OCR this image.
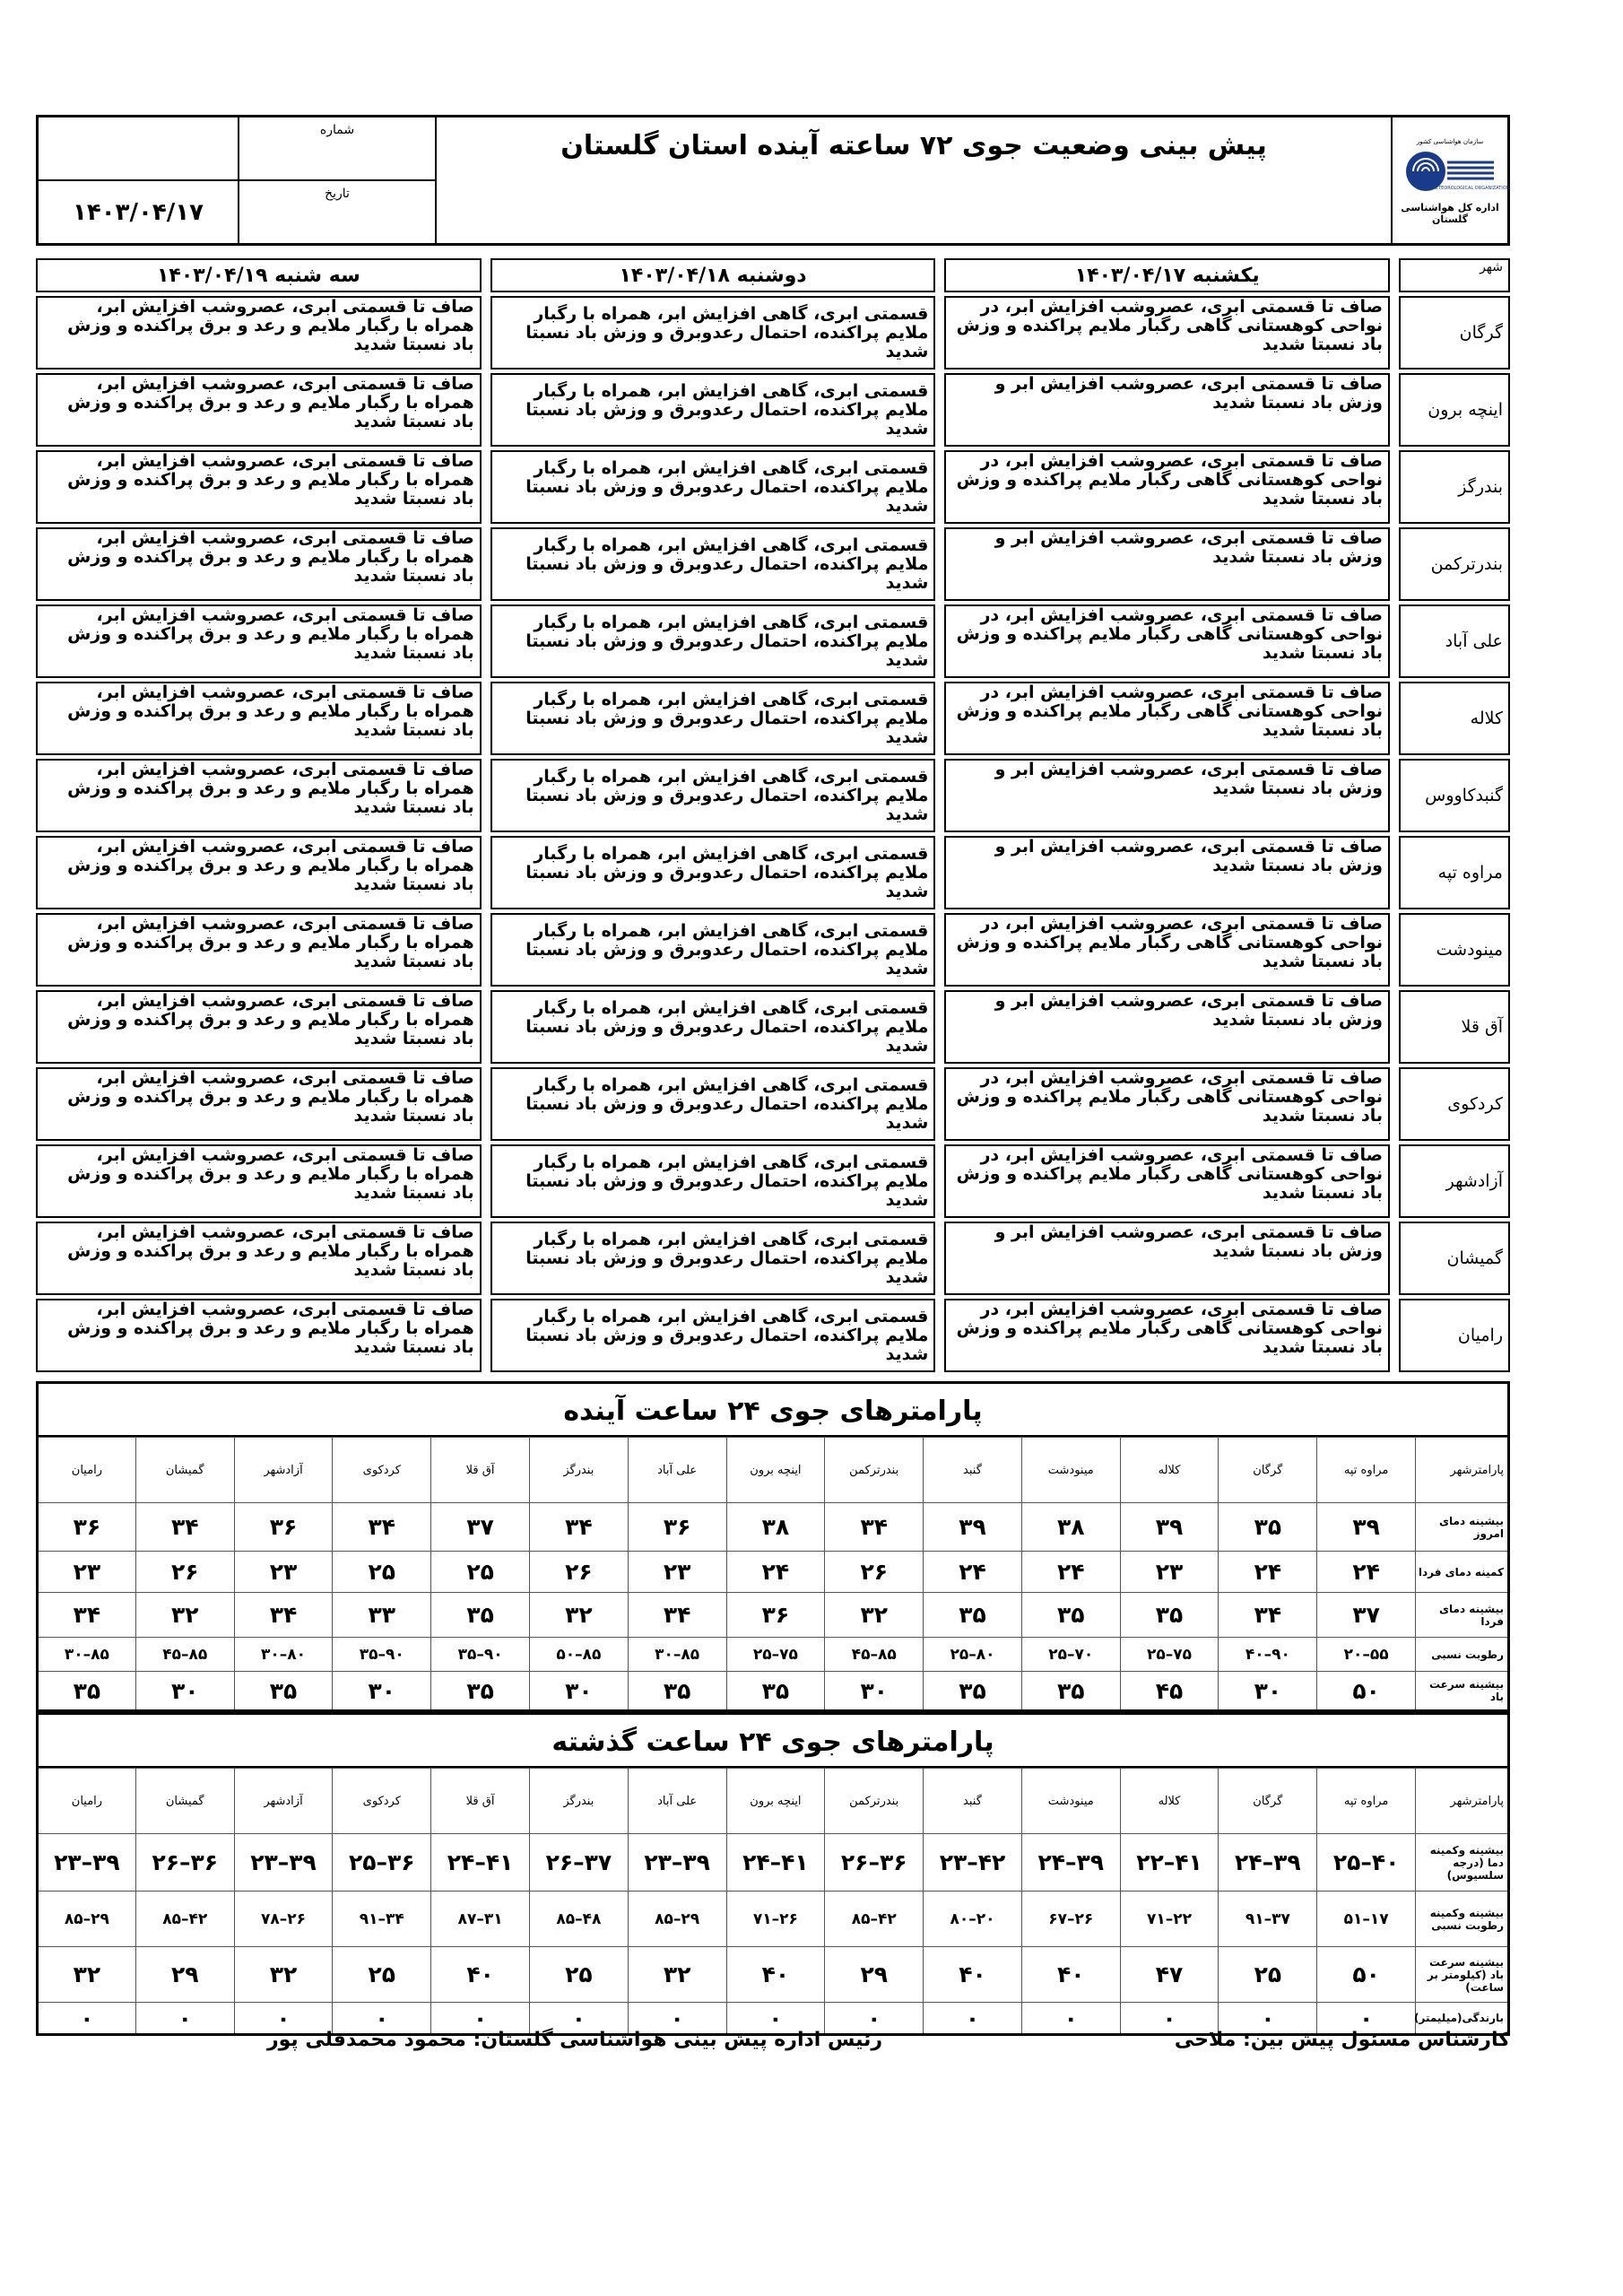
سازمان هواشناسی کشور
METEOROLOGICAL ORGANIZATION
اداره کل هواشناسی گلستان
پیش بینی وضعیت جوی ۷۲ ساعته آینده استان گلستان
شماره
تاریخ
۱۴۰۳/۰۴/۱۷
شهر	یکشنبه ۱۴۰۳/۰۴/۱۷	دوشنبه ۱۴۰۳/۰۴/۱۸	سه شنبه ۱۴۰۳/۰۴/۱۹
گرگان	صاف تا قسمتی ابری، عصروشب افزایش ابر، در نواحی کوهستانی گاهی رگبار ملایم پراکنده و وزش باد نسبتا شدید	قسمتی ابری، گاهی افزایش ابر، همراه با رگبار ملایم پراکنده، احتمال رعدوبرق و وزش باد نسبتا شدید	صاف تا قسمتی ابری، عصروشب افزایش ابر، همراه با رگبار ملایم و رعد و برق پراکنده و وزش باد نسبتا شدید
اینچه برون	صاف تا قسمتی ابری، عصروشب افزایش ابر و وزش باد نسبتا شدید	قسمتی ابری، گاهی افزایش ابر، همراه با رگبار ملایم پراکنده، احتمال رعدوبرق و وزش باد نسبتا شدید	صاف تا قسمتی ابری، عصروشب افزایش ابر، همراه با رگبار ملایم و رعد و برق پراکنده و وزش باد نسبتا شدید
بندرگز	صاف تا قسمتی ابری، عصروشب افزایش ابر، در نواحی کوهستانی گاهی رگبار ملایم پراکنده و وزش باد نسبتا شدید	قسمتی ابری، گاهی افزایش ابر، همراه با رگبار ملایم پراکنده، احتمال رعدوبرق و وزش باد نسبتا شدید	صاف تا قسمتی ابری، عصروشب افزایش ابر، همراه با رگبار ملایم و رعد و برق پراکنده و وزش باد نسبتا شدید
بندرترکمن	صاف تا قسمتی ابری، عصروشب افزایش ابر و وزش باد نسبتا شدید	قسمتی ابری، گاهی افزایش ابر، همراه با رگبار ملایم پراکنده، احتمال رعدوبرق و وزش باد نسبتا شدید	صاف تا قسمتی ابری، عصروشب افزایش ابر، همراه با رگبار ملایم و رعد و برق پراکنده و وزش باد نسبتا شدید
علی آباد	صاف تا قسمتی ابری، عصروشب افزایش ابر، در نواحی کوهستانی گاهی رگبار ملایم پراکنده و وزش باد نسبتا شدید	قسمتی ابری، گاهی افزایش ابر، همراه با رگبار ملایم پراکنده، احتمال رعدوبرق و وزش باد نسبتا شدید	صاف تا قسمتی ابری، عصروشب افزایش ابر، همراه با رگبار ملایم و رعد و برق پراکنده و وزش باد نسبتا شدید
کلاله	صاف تا قسمتی ابری، عصروشب افزایش ابر، در نواحی کوهستانی گاهی رگبار ملایم پراکنده و وزش باد نسبتا شدید	قسمتی ابری، گاهی افزایش ابر، همراه با رگبار ملایم پراکنده، احتمال رعدوبرق و وزش باد نسبتا شدید	صاف تا قسمتی ابری، عصروشب افزایش ابر، همراه با رگبار ملایم و رعد و برق پراکنده و وزش باد نسبتا شدید
گنبدکاووس	صاف تا قسمتی ابری، عصروشب افزایش ابر و وزش باد نسبتا شدید	قسمتی ابری، گاهی افزایش ابر، همراه با رگبار ملایم پراکنده، احتمال رعدوبرق و وزش باد نسبتا شدید	صاف تا قسمتی ابری، عصروشب افزایش ابر، همراه با رگبار ملایم و رعد و برق پراکنده و وزش باد نسبتا شدید
مراوه تپه	صاف تا قسمتی ابری، عصروشب افزایش ابر و وزش باد نسبتا شدید	قسمتی ابری، گاهی افزایش ابر، همراه با رگبار ملایم پراکنده، احتمال رعدوبرق و وزش باد نسبتا شدید	صاف تا قسمتی ابری، عصروشب افزایش ابر، همراه با رگبار ملایم و رعد و برق پراکنده و وزش باد نسبتا شدید
مینودشت	صاف تا قسمتی ابری، عصروشب افزایش ابر، در نواحی کوهستانی گاهی رگبار ملایم پراکنده و وزش باد نسبتا شدید	قسمتی ابری، گاهی افزایش ابر، همراه با رگبار ملایم پراکنده، احتمال رعدوبرق و وزش باد نسبتا شدید	صاف تا قسمتی ابری، عصروشب افزایش ابر، همراه با رگبار ملایم و رعد و برق پراکنده و وزش باد نسبتا شدید
آق قلا	صاف تا قسمتی ابری، عصروشب افزایش ابر و وزش باد نسبتا شدید	قسمتی ابری، گاهی افزایش ابر، همراه با رگبار ملایم پراکنده، احتمال رعدوبرق و وزش باد نسبتا شدید	صاف تا قسمتی ابری، عصروشب افزایش ابر، همراه با رگبار ملایم و رعد و برق پراکنده و وزش باد نسبتا شدید
کردکوی	صاف تا قسمتی ابری، عصروشب افزایش ابر، در نواحی کوهستانی گاهی رگبار ملایم پراکنده و وزش باد نسبتا شدید	قسمتی ابری، گاهی افزایش ابر، همراه با رگبار ملایم پراکنده، احتمال رعدوبرق و وزش باد نسبتا شدید	صاف تا قسمتی ابری، عصروشب افزایش ابر، همراه با رگبار ملایم و رعد و برق پراکنده و وزش باد نسبتا شدید
آزادشهر	صاف تا قسمتی ابری، عصروشب افزایش ابر، در نواحی کوهستانی گاهی رگبار ملایم پراکنده و وزش باد نسبتا شدید	قسمتی ابری، گاهی افزایش ابر، همراه با رگبار ملایم پراکنده، احتمال رعدوبرق و وزش باد نسبتا شدید	صاف تا قسمتی ابری، عصروشب افزایش ابر، همراه با رگبار ملایم و رعد و برق پراکنده و وزش باد نسبتا شدید
گمیشان	صاف تا قسمتی ابری، عصروشب افزایش ابر و وزش باد نسبتا شدید	قسمتی ابری، گاهی افزایش ابر، همراه با رگبار ملایم پراکنده، احتمال رعدوبرق و وزش باد نسبتا شدید	صاف تا قسمتی ابری، عصروشب افزایش ابر، همراه با رگبار ملایم و رعد و برق پراکنده و وزش باد نسبتا شدید
رامیان	صاف تا قسمتی ابری، عصروشب افزایش ابر، در نواحی کوهستانی گاهی رگبار ملایم پراکنده و وزش باد نسبتا شدید	قسمتی ابری، گاهی افزایش ابر، همراه با رگبار ملایم پراکنده، احتمال رعدوبرق و وزش باد نسبتا شدید	صاف تا قسمتی ابری، عصروشب افزایش ابر، همراه با رگبار ملایم و رعد و برق پراکنده و وزش باد نسبتا شدید
پارامترهای جوی ۲۴ ساعت آینده
پارامترشهر	مراوه تپه	گرگان	کلاله	مینودشت	گنبد	بندرترکمن	اینچه برون	علی آباد	بندرگز	آق قلا	کردکوی	آزادشهر	گمیشان	رامیان
بیشینه دمای امروز	۳۹	۳۵	۳۹	۳۸	۳۹	۳۴	۳۸	۳۶	۳۴	۳۷	۳۴	۳۶	۳۴	۳۶
کمینه دمای فردا	۲۴	۲۴	۲۳	۲۴	۲۴	۲۶	۲۴	۲۳	۲۶	۲۵	۲۵	۲۳	۲۶	۲۳
بیشینه دمای فردا	۳۷	۳۴	۳۵	۳۵	۳۵	۳۲	۳۶	۳۴	۳۲	۳۵	۳۳	۳۴	۳۲	۳۴
رطوبت نسبی	۵۵–۲۰	۹۰–۴۰	۷۵–۲۵	۷۰–۲۵	۸۰–۲۵	۸۵–۴۵	۷۵–۲۵	۸۵–۳۰	۸۵–۵۰	۹۰–۳۵	۹۰–۳۵	۸۰–۳۰	۸۵–۴۵	۸۵–۳۰
بیشینه سرعت باد	۵۰	۳۰	۴۵	۳۵	۳۵	۳۰	۳۵	۳۵	۳۰	۳۵	۳۰	۳۵	۳۰	۳۵
پارامترهای جوی ۲۴ ساعت گذشته
پارامترشهر	مراوه تپه	گرگان	کلاله	مینودشت	گنبد	بندرترکمن	اینچه برون	علی آباد	بندرگز	آق قلا	کردکوی	آزادشهر	گمیشان	رامیان
بیشینه وکمینه دما (درجه سلسیوس)	۴۰–۲۵	۳۹–۲۴	۴۱–۲۲	۳۹–۲۴	۴۲–۲۳	۳۶–۲۶	۴۱–۲۴	۳۹–۲۳	۳۷–۲۶	۴۱–۲۴	۳۶–۲۵	۳۹–۲۳	۳۶–۲۶	۳۹–۲۳
بیشینه وکمینه رطوبت نسبی	۱۷–۵۱	۳۷–۹۱	۲۲–۷۱	۲۶–۶۷	۲۰–۸۰	۴۲–۸۵	۲۶–۷۱	۲۹–۸۵	۴۸–۸۵	۳۱–۸۷	۳۴–۹۱	۲۶–۷۸	۴۲–۸۵	۲۹–۸۵
بیشینه سرعت باد (کیلومتر بر ساعت)	۵۰	۲۵	۴۷	۴۰	۴۰	۲۹	۴۰	۳۲	۲۵	۴۰	۲۵	۳۲	۲۹	۳۲
بارندگی(میلیمتر)	۰	۰	۰	۰	۰	۰	۰	۰	۰	۰	۰	۰	۰	۰
کارشناس مسئول پیش بین: ملاحی
رئیس اداره پیش بینی هواشناسی گلستان: محمود محمدقلی پور
